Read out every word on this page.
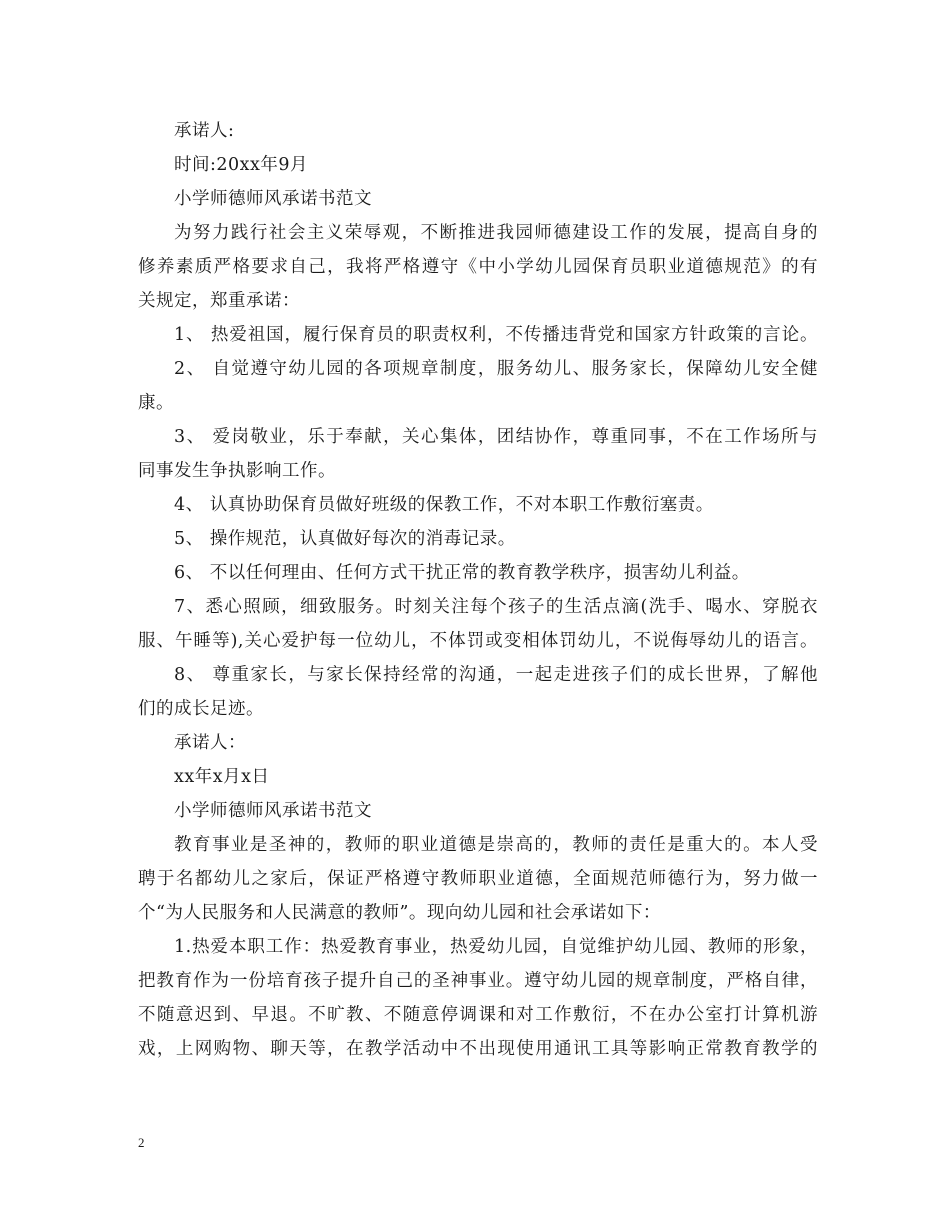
承诺人:
时间:20xx年9月
小学师德师风承诺书范文
为努力践行社会主义荣辱观，不断推进我园师德建设工作的发展，提高自身的
修养素质严格要求自己，我将严格遵守《中小学幼儿园保育员职业道德规范》的有
关规定，郑重承诺：
1、 热爱祖国，履行保育员的职责权利，不传播违背党和国家方针政策的言论。
2、 自觉遵守幼儿园的各项规章制度，服务幼儿、服务家长，保障幼儿安全健
康。
3、 爱岗敬业，乐于奉献，关心集体，团结协作，尊重同事，不在工作场所与
同事发生争执影响工作。
4、 认真协助保育员做好班级的保教工作，不对本职工作敷衍塞责。
5、 操作规范，认真做好每次的消毒记录。
6、 不以任何理由、任何方式干扰正常的教育教学秩序，损害幼儿利益。
7、悉心照顾，细致服务。时刻关注每个孩子的生活点滴(洗手、喝水、穿脱衣
服、午睡等),关心爱护每一位幼儿，不体罚或变相体罚幼儿，不说侮辱幼儿的语言。
8、 尊重家长，与家长保持经常的沟通，一起走进孩子们的成长世界，了解他
们的成长足迹。
承诺人：
xx年x月x日
小学师德师风承诺书范文
教育事业是圣神的，教师的职业道德是崇高的，教师的责任是重大的。本人受
聘于名都幼儿之家后，保证严格遵守教师职业道德，全面规范师德行为，努力做一
个“为人民服务和人民满意的教师”。现向幼儿园和社会承诺如下：
1.热爱本职工作：热爱教育事业，热爱幼儿园，自觉维护幼儿园、教师的形象，
把教育作为一份培育孩子提升自己的圣神事业。遵守幼儿园的规章制度，严格自律，
不随意迟到、早退。不旷教、不随意停调课和对工作敷衍，不在办公室打计算机游
戏，上网购物、聊天等，在教学活动中不出现使用通讯工具等影响正常教育教学的
2
